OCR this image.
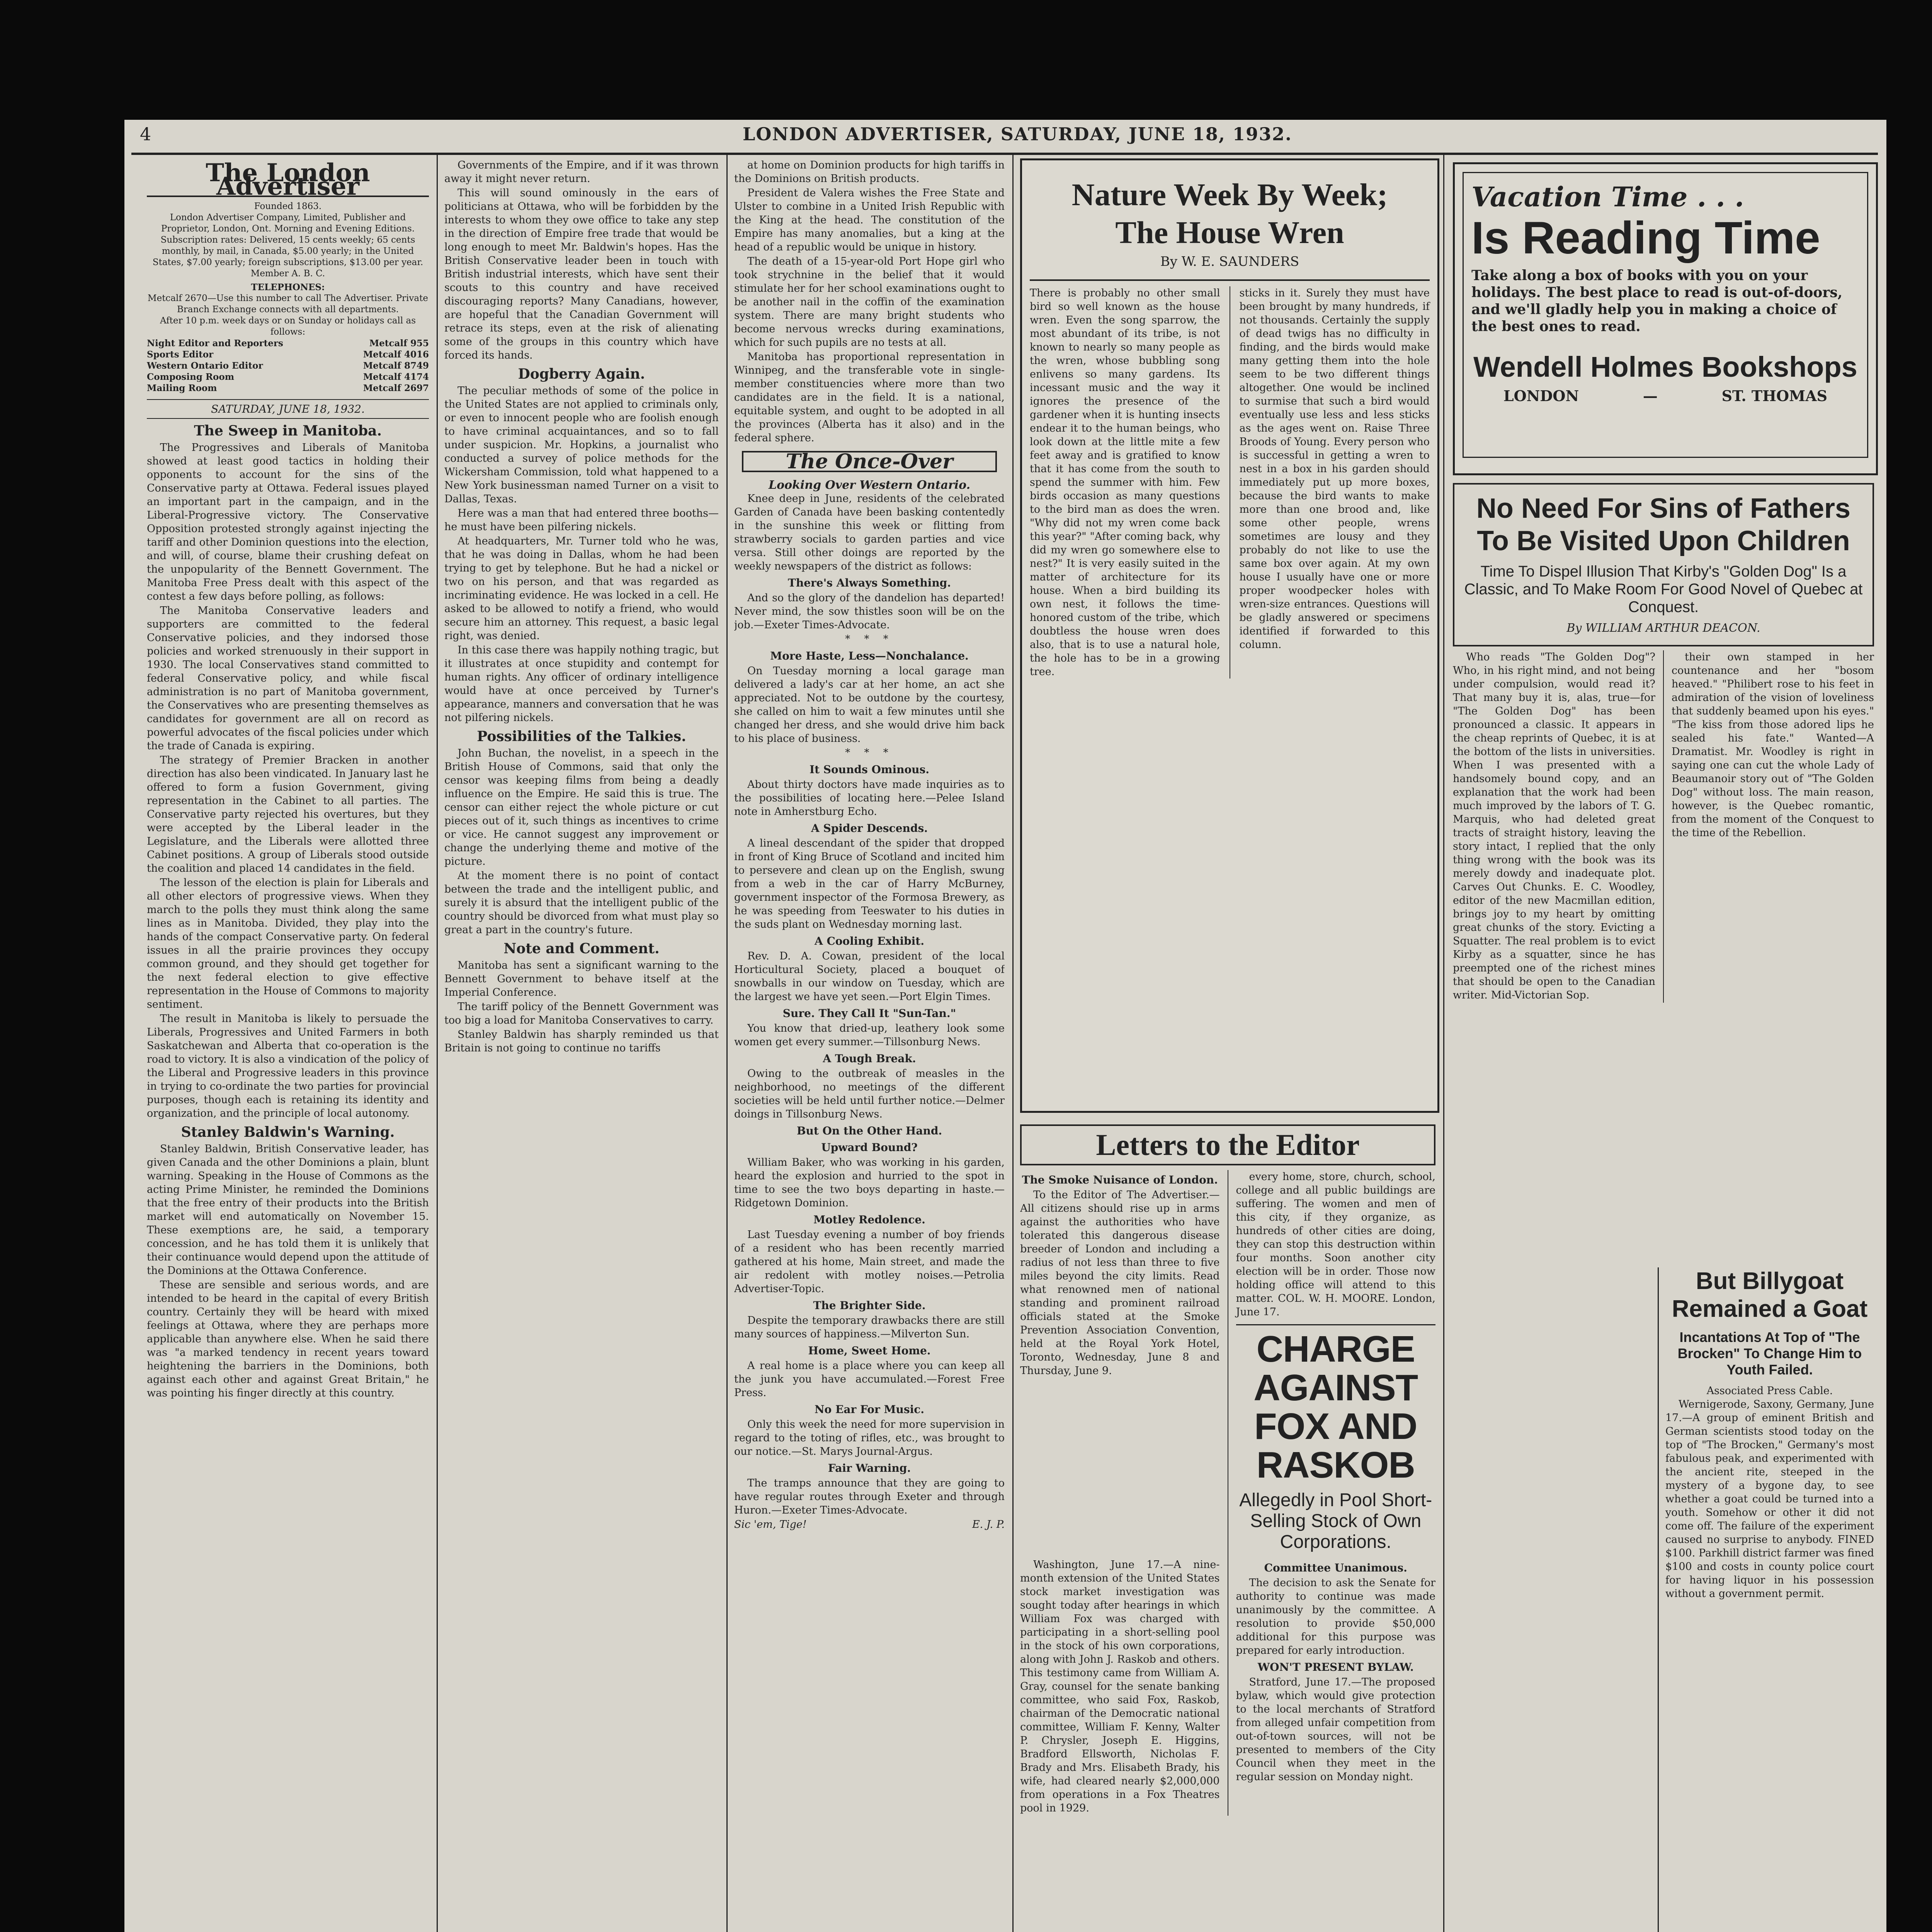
4	LONDON ADVERTISER, SATURDAY, JUNE 18, 1932.
The London Advertiser
Founded 1863.
London Advertiser Company, Limited, Publisher and Proprietor, London, Ont. Morning and Evening Editions.
Subscription rates: Delivered, 15 cents weekly; 65 cents monthly, by mail, in Canada, $5.00 yearly; in the United States, $7.00 yearly; foreign subscriptions, $13.00 per year. Member A. B. C.
TELEPHONES:
Metcalf 2670—Use this number to call The Advertiser. Private Branch Exchange connects with all departments.
After 10 p.m. week days or on Sunday or holidays call as follows:
Night Editor and Reporters	Metcalf 955
Sports Editor	Metcalf 4016
Western Ontario Editor	Metcalf 8749
Composing Room	Metcalf 4174
Mailing Room	Metcalf 2697
SATURDAY, JUNE 18, 1932.
The Sweep in Manitoba.

The Progressives and Liberals of Manitoba showed at least good tactics in holding their opponents to account for the sins of the Conservative party at Ottawa. Federal issues played an important part in the campaign, and in the Liberal-Progressive victory. The Conservative Opposition protested strongly against injecting the tariff and other Dominion questions into the election, and will, of course, blame their crushing defeat on the unpopularity of the Bennett Government. The Manitoba Free Press dealt with this aspect of the contest a few days before polling, as follows:

The Manitoba Conservative leaders and supporters are committed to the federal Conservative policies, and they indorsed those policies and worked strenuously in their support in 1930. The local Conservatives stand committed to federal Conservative policy, and while fiscal administration is no part of Manitoba government, the Conservatives who are presenting themselves as candidates for government are all on record as powerful advocates of the fiscal policies under which the trade of Canada is expiring.

The strategy of Premier Bracken in another direction has also been vindicated. In January last he offered to form a fusion Government, giving representation in the Cabinet to all parties. The Conservative party rejected his overtures, but they were accepted by the Liberal leader in the Legislature, and the Liberals were allotted three Cabinet positions. A group of Liberals stood outside the coalition and placed 14 candidates in the field.

The lesson of the election is plain for Liberals and all other electors of progressive views. When they march to the polls they must think along the same lines as in Manitoba. Divided, they play into the hands of the compact Conservative party. On federal issues in all the prairie provinces they occupy common ground, and they should get together for the next federal election to give effective representation in the House of Commons to majority sentiment.

The result in Manitoba is likely to persuade the Liberals, Progressives and United Farmers in both Saskatchewan and Alberta that co-operation is the road to victory. It is also a vindication of the policy of the Liberal and Progressive leaders in this province in trying to co-ordinate the two parties for provincial purposes, though each is retaining its identity and organization, and the principle of local autonomy.

Stanley Baldwin's Warning.

Stanley Baldwin, British Conservative leader, has given Canada and the other Dominions a plain, blunt warning. Speaking in the House of Commons as the acting Prime Minister, he reminded the Dominions that the free entry of their products into the British market will end automatically on November 15. These exemptions are, he said, a temporary concession, and he has told them it is unlikely that their continuance would depend upon the attitude of the Dominions at the Ottawa Conference.

These are sensible and serious words, and are intended to be heard in the capital of every British country. Certainly they will be heard with mixed feelings at Ottawa, where they are perhaps more applicable than anywhere else. When he said there was "a marked tendency in recent years toward heightening the barriers in the Dominions, both against each other and against Great Britain," he was pointing his finger directly at this country.

Governments of the Empire, and if it was thrown away it might never return.

This will sound ominously in the ears of politicians at Ottawa, who will be forbidden by the interests to whom they owe office to take any step in the direction of Empire free trade that would be long enough to meet Mr. Baldwin's hopes. Has the British Conservative leader been in touch with British industrial interests, which have sent their scouts to this country and have received discouraging reports? Many Canadians, however, are hopeful that the Canadian Government will retrace its steps, even at the risk of alienating some of the groups in this country which have forced its hands.

Dogberry Again.

The peculiar methods of some of the police in the United States are not applied to criminals only, or even to innocent people who are foolish enough to have criminal acquaintances, and so to fall under suspicion. Mr. Hopkins, a journalist who conducted a survey of police methods for the Wickersham Commission, told what happened to a New York businessman named Turner on a visit to Dallas, Texas.

Here was a man that had entered three booths—he must have been pilfering nickels.

At headquarters, Mr. Turner told who he was, that he was doing in Dallas, whom he had been trying to get by telephone. But he had a nickel or two on his person, and that was regarded as incriminating evidence. He was locked in a cell. He asked to be allowed to notify a friend, who would secure him an attorney. This request, a basic legal right, was denied.

In this case there was happily nothing tragic, but it illustrates at once stupidity and contempt for human rights. Any officer of ordinary intelligence would have at once perceived by Turner's appearance, manners and conversation that he was not pilfering nickels.

Possibilities of the Talkies.

John Buchan, the novelist, in a speech in the British House of Commons, said that only the censor was keeping films from being a deadly influence on the Empire. He said this is true. The censor can either reject the whole picture or cut pieces out of it, such things as incentives to crime or vice. He cannot suggest any improvement or change the underlying theme and motive of the picture.

At the moment there is no point of contact between the trade and the intelligent public, and surely it is absurd that the intelligent public of the country should be divorced from what must play so great a part in the country's future.

Note and Comment.

Manitoba has sent a significant warning to the Bennett Government to behave itself at the Imperial Conference.

The tariff policy of the Bennett Government was too big a load for Manitoba Conservatives to carry.

Stanley Baldwin has sharply reminded us that Britain is not going to continue no tariffs

at home on Dominion products for high tariffs in the Dominions on British products.

President de Valera wishes the Free State and Ulster to combine in a United Irish Republic with the King at the head. The constitution of the Empire has many anomalies, but a king at the head of a republic would be unique in history.

The death of a 15-year-old Port Hope girl who took strychnine in the belief that it would stimulate her for her school examinations ought to be another nail in the coffin of the examination system. There are many bright students who become nervous wrecks during examinations, which for such pupils are no tests at all.

Manitoba has proportional representation in Winnipeg, and the transferable vote in single-member constituencies where more than two candidates are in the field. It is a national, equitable system, and ought to be adopted in all the provinces (Alberta has it also) and in the federal sphere.

The Once-Over
Looking Over Western Ontario.

Knee deep in June, residents of the celebrated Garden of Canada have been basking contentedly in the sunshine this week or flitting from strawberry socials to garden parties and vice versa. Still other doings are reported by the weekly newspapers of the district as follows:

There's Always Something.

And so the glory of the dandelion has departed! Never mind, the sow thistles soon will be on the job.—Exeter Times-Advocate.

* * *
More Haste, Less—Nonchalance.

On Tuesday morning a local garage man delivered a lady's car at her home, an act she appreciated. Not to be outdone by the courtesy, she called on him to wait a few minutes until she changed her dress, and she would drive him back to his place of business.

* * *
It Sounds Ominous.

About thirty doctors have made inquiries as to the possibilities of locating here.—Pelee Island note in Amherstburg Echo.

A Spider Descends.

A lineal descendant of the spider that dropped in front of King Bruce of Scotland and incited him to persevere and clean up on the English, swung from a web in the car of Harry McBurney, government inspector of the Formosa Brewery, as he was speeding from Teeswater to his duties in the suds plant on Wednesday morning last.

A Cooling Exhibit.

Rev. D. A. Cowan, president of the local Horticultural Society, placed a bouquet of snowballs in our window on Tuesday, which are the largest we have yet seen.—Port Elgin Times.

Sure. They Call It "Sun-Tan."

You know that dried-up, leathery look some women get every summer.—Tillsonburg News.

A Tough Break.

Owing to the outbreak of measles in the neighborhood, no meetings of the different societies will be held until further notice.—Delmer doings in Tillsonburg News.

But On the Other Hand.
Upward Bound?

William Baker, who was working in his garden, heard the explosion and hurried to the spot in time to see the two boys departing in haste.—Ridgetown Dominion.

Motley Redolence.

Last Tuesday evening a number of boy friends of a resident who has been recently married gathered at his home, Main street, and made the air redolent with motley noises.—Petrolia Advertiser-Topic.

The Brighter Side.

Despite the temporary drawbacks there are still many sources of happiness.—Milverton Sun.

Home, Sweet Home.

A real home is a place where you can keep all the junk you have accumulated.—Forest Free Press.

No Ear For Music.

Only this week the need for more supervision in regard to the toting of rifles, etc., was brought to our notice.—St. Marys Journal-Argus.

Fair Warning.

The tramps announce that they are going to have regular routes through Exeter and through Huron.—Exeter Times-Advocate.

Sic 'em, Tige!	E. J. P.
Nature Week By Week;
The House Wren
By W. E. SAUNDERS
There is probably no other small bird so well known as the house wren. Even the song sparrow, the most abundant of its tribe, is not known to nearly so many people as the wren, whose bubbling song enlivens so many gardens. Its incessant music and the way it ignores the presence of the gardener when it is hunting insects endear it to the human beings, who look down at the little mite a few feet away and is gratified to know that it has come from the south to spend the summer with him. Few birds occasion as many questions to the bird man as does the wren. "Why did not my wren come back this year?" "After coming back, why did my wren go somewhere else to nest?" It is very easily suited in the matter of architecture for its house. When a bird building its own nest, it follows the time-honored custom of the tribe, which doubtless the house wren does also, that is to use a natural hole, the hole has to be in a growing tree.
sticks in it. Surely they must have been brought by many hundreds, if not thousands. Certainly the supply of dead twigs has no difficulty in finding, and the birds would make many getting them into the hole seem to be two different things altogether. One would be inclined to surmise that such a bird would eventually use less and less sticks as the ages went on. Raise Three Broods of Young. Every person who is successful in getting a wren to nest in a box in his garden should immediately put up more boxes, because the bird wants to make more than one brood and, like some other people, wrens sometimes are lousy and they probably do not like to use the same box over again. At my own house I usually have one or more proper woodpecker holes with wren-size entrances. Questions will be gladly answered or specimens identified if forwarded to this column.
Letters to the Editor
The Smoke Nuisance of London.

To the Editor of The Advertiser.—All citizens should rise up in arms against the authorities who have tolerated this dangerous disease breeder of London and including a radius of not less than three to five miles beyond the city limits. Read what renowned men of national standing and prominent railroad officials stated at the Smoke Prevention Association Convention, held at the Royal York Hotel, Toronto, Wednesday, June 8 and Thursday, June 9.

every home, store, church, school, college and all public buildings are suffering. The women and men of this city, if they organize, as hundreds of other cities are doing, they can stop this destruction within four months. Soon another city election will be in order. Those now holding office will attend to this matter. COL. W. H. MOORE. London, June 17.

CHARGE AGAINST
FOX AND RASKOB
Allegedly in Pool Short-Selling Stock of Own Corporations.

Washington, June 17.—A nine-month extension of the United States stock market investigation was sought today after hearings in which William Fox was charged with participating in a short-selling pool in the stock of his own corporations, along with John J. Raskob and others. This testimony came from William A. Gray, counsel for the senate banking committee, who said Fox, Raskob, chairman of the Democratic national committee, William F. Kenny, Walter P. Chrysler, Joseph E. Higgins, Bradford Ellsworth, Nicholas F. Brady and Mrs. Elisabeth Brady, his wife, had cleared nearly $2,000,000 from operations in a Fox Theatres pool in 1929.

Committee Unanimous.

The decision to ask the Senate for authority to continue was made unanimously by the committee. A resolution to provide $50,000 additional for this purpose was prepared for early introduction.

WON'T PRESENT BYLAW.

Stratford, June 17.—The proposed bylaw, which would give protection to the local merchants of Stratford from alleged unfair competition from out-of-town sources, will not be presented to members of the City Council when they meet in the regular session on Monday night.

Vacation Time . . .
Is Reading Time
Take along a box of books with you on your holidays. The best place to read is out-of-doors, and we'll gladly help you in making a choice of the best ones to read.
Wendell Holmes Bookshops
LONDON	—	ST. THOMAS
No Need For Sins of Fathers
To Be Visited Upon Children
Time To Dispel Illusion That Kirby's "Golden Dog" Is a Classic, and To Make Room For Good Novel of Quebec at Conquest.
By WILLIAM ARTHUR DEACON.

Who reads "The Golden Dog"? Who, in his right mind, and not being under compulsion, would read it? That many buy it is, alas, true—for "The Golden Dog" has been pronounced a classic. It appears in the cheap reprints of Quebec, it is at the bottom of the lists in universities. When I was presented with a handsomely bound copy, and an explanation that the work had been much improved by the labors of T. G. Marquis, who had deleted great tracts of straight history, leaving the story intact, I replied that the only thing wrong with the book was its merely dowdy and inadequate plot. Carves Out Chunks. E. C. Woodley, editor of the new Macmillan edition, brings joy to my heart by omitting great chunks of the story. Evicting a Squatter. The real problem is to evict Kirby as a squatter, since he has preempted one of the richest mines that should be open to the Canadian writer. Mid-Victorian Sop.

their own stamped in her countenance and her "bosom heaved." "Philibert rose to his feet in admiration of the vision of loveliness that suddenly beamed upon his eyes." "The kiss from those adored lips he sealed his fate." Wanted—A Dramatist. Mr. Woodley is right in saying one can cut the whole Lady of Beaumanoir story out of "The Golden Dog" without loss. The main reason, however, is the Quebec romantic, from the moment of the Conquest to the time of the Rebellion.

But Billygoat
Remained a Goat
Incantations At Top of "The Brocken" To Change Him to Youth Failed.
Associated Press Cable.

Wernigerode, Saxony, Germany, June 17.—A group of eminent British and German scientists stood today on the top of "The Brocken," Germany's most fabulous peak, and experimented with the ancient rite, steeped in the mystery of a bygone day, to see whether a goat could be turned into a youth. Somehow or other it did not come off. The failure of the experiment caused no surprise to anybody. FINED $100. Parkhill district farmer was fined $100 and costs in county police court for having liquor in his possession without a government permit.
